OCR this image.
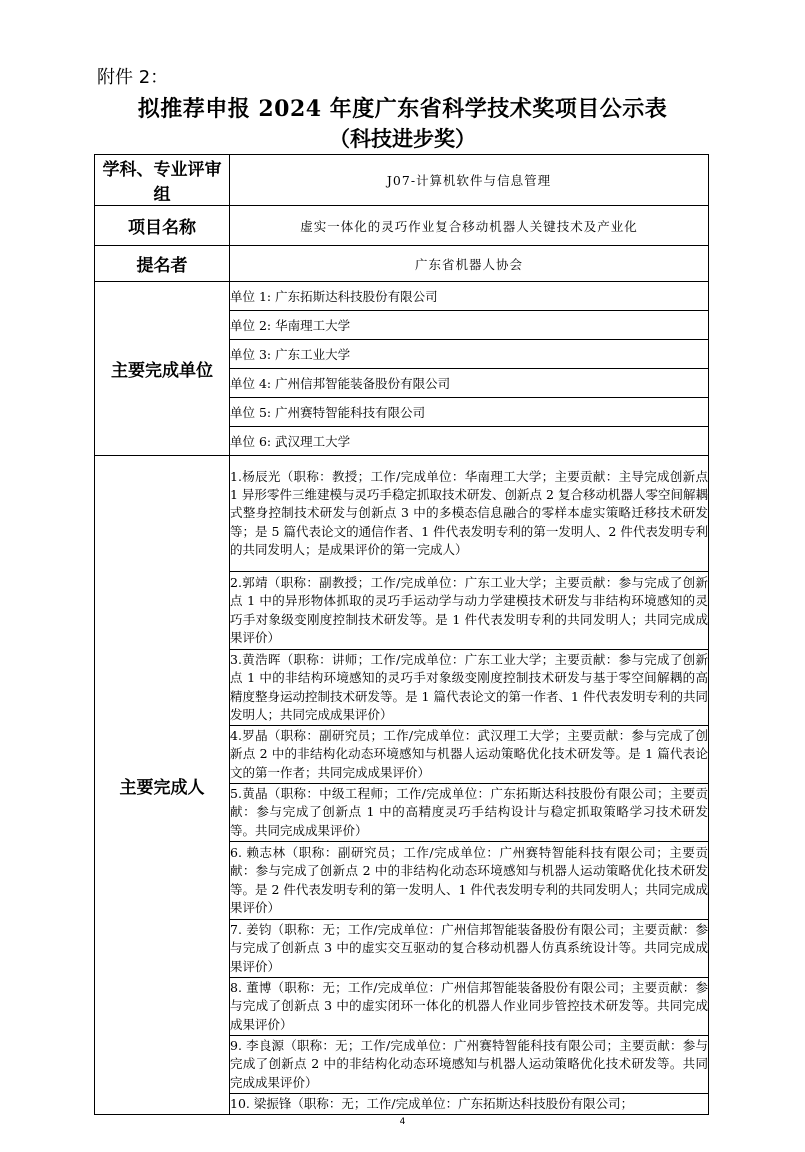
附件 2：
拟推荐申报 2024 年度广东省科学技术奖项目公示表
（科技进步奖）
学科、专业评审组	J07-计算机软件与信息管理
项目名称	虚实一体化的灵巧作业复合移动机器人关键技术及产业化
提名者	广东省机器人协会
主要完成单位	单位 1: 广东拓斯达科技股份有限公司
	单位 2: 华南理工大学
	单位 3: 广东工业大学
	单位 4: 广州信邦智能装备股份有限公司
	单位 5: 广州赛特智能科技有限公司
	单位 6: 武汉理工大学
主要完成人	1.杨辰光（职称：教授；工作/完成单位：华南理工大学；主要贡献：主导完成创新点 1 异形零件三维建模与灵巧手稳定抓取技术研发、创新点 2 复合移动机器人零空间解耦式整身控制技术研发与创新点 3 中的多模态信息融合的零样本虚实策略迁移技术研发等；是 5 篇代表论文的通信作者、1 件代表发明专利的第一发明人、2 件代表发明专利的共同发明人；是成果评价的第一完成人）
	2.郭靖（职称：副教授；工作/完成单位：广东工业大学；主要贡献：参与完成了创新点 1 中的异形物体抓取的灵巧手运动学与动力学建模技术研发与非结构环境感知的灵巧手对象级变刚度控制技术研发等。是 1 件代表发明专利的共同发明人；共同完成成果评价）
	3.黄浩晖（职称：讲师；工作/完成单位：广东工业大学；主要贡献：参与完成了创新点 1 中的非结构环境感知的灵巧手对象级变刚度控制技术研发与基于零空间解耦的高精度整身运动控制技术研发等。是 1 篇代表论文的第一作者、1 件代表发明专利的共同发明人；共同完成成果评价）
	4.罗晶（职称：副研究员；工作/完成单位：武汉理工大学；主要贡献：参与完成了创新点 2 中的非结构化动态环境感知与机器人运动策略优化技术研发等。是 1 篇代表论文的第一作者；共同完成成果评价）
	5.黄晶（职称：中级工程师；工作/完成单位：广东拓斯达科技股份有限公司；主要贡献：参与完成了创新点 1 中的高精度灵巧手结构设计与稳定抓取策略学习技术研发等。共同完成成果评价）
	6. 赖志林（职称：副研究员；工作/完成单位：广州赛特智能科技有限公司；主要贡献：参与完成了创新点 2 中的非结构化动态环境感知与机器人运动策略优化技术研发等。是 2 件代表发明专利的第一发明人、1 件代表发明专利的共同发明人；共同完成成果评价）
	7. 姜钧（职称：无；工作/完成单位：广州信邦智能装备股份有限公司；主要贡献：参与完成了创新点 3 中的虚实交互驱动的复合移动机器人仿真系统设计等。共同完成成果评价）
	8. 董博（职称：无；工作/完成单位：广州信邦智能装备股份有限公司；主要贡献：参与完成了创新点 3 中的虚实闭环一体化的机器人作业同步管控技术研发等。共同完成成果评价）
	9. 李良源（职称：无；工作/完成单位：广州赛特智能科技有限公司；主要贡献：参与完成了创新点 2 中的非结构化动态环境感知与机器人运动策略优化技术研发等。共同完成成果评价）
	10. 梁振锋（职称：无；工作/完成单位：广东拓斯达科技股份有限公司；
4
